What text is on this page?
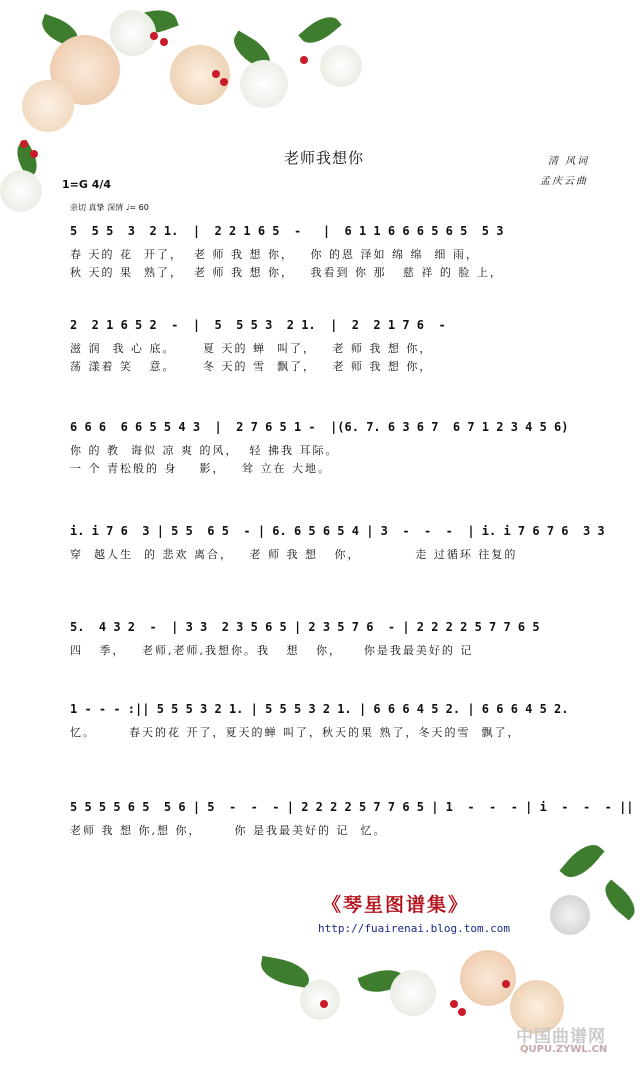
老师我想你	清 风词
孟庆云曲
1=G 4/4
亲切 真挚 深情 ♩= 60
5  5 5  3  2 1.  |  2 2 1 6 5  -   |  6 1 1 6 6 6 5 6 5  5 3
春 天的 花  开了，  老 师 我 想 你，   你 的恩 泽如 绵 绵  细 雨，
秋 天的 果  熟了，  老 师 我 想 你，   我看到 你 那   慈 祥 的 脸 上，
2  2 1 6 5 2  -  |  5  5 5 3  2 1.  |  2  2 1 7 6  -
滋 润  我 心 底。     夏 天的 蝉  叫了，   老 师 我 想 你，
荡 漾着 笑   意。     冬 天的 雪  飘了，   老 师 我 想 你，
6 6 6  6 6 5 5 4 3  |  2 7 6 5 1 -  |(6. 7. 6 3 6 7  6 7 1 2 3 4 5 6)
你 的 教  诲似 凉 爽 的风，  轻 拂我 耳际。
一 个 青松般的 身    影，   耸 立在 大地。
i. i 7 6  3 | 5 5  6 5  - | 6. 6 5 6 5 4 | 3  -  -  -  | i. i 7 6 7 6  3 3
穿  越人生  的 悲欢 离合，   老 师 我 想   你，          走 过循环 往复的
5.  4 3 2  -  | 3 3  2 3 5 6 5 | 2 3 5 7 6  - | 2 2 2 2 5 7 7 6 5
四   季，   老师,老师,我想你。我   想   你，    你是我最美好的 记
1 - - - :|| 5 5 5 3 2 1. | 5 5 5 3 2 1. | 6 6 6 4 5 2. | 6 6 6 4 5 2.
忆。      春天的花 开了，夏天的蝉 叫了，秋天的果 熟了，冬天的雪  飘了，
5 5 5 5 6 5  5 6 | 5  -  -  - | 2 2 2 2 5 7 7 6 5 | 1  -  -  - | i  -  -  - ||
老师 我 想 你,想 你，      你 是我最美好的 记  忆。
《琴星图谱集》
http://fuairenai.blog.tom.com
中国曲谱网
QUPU.ZYWL.CN
